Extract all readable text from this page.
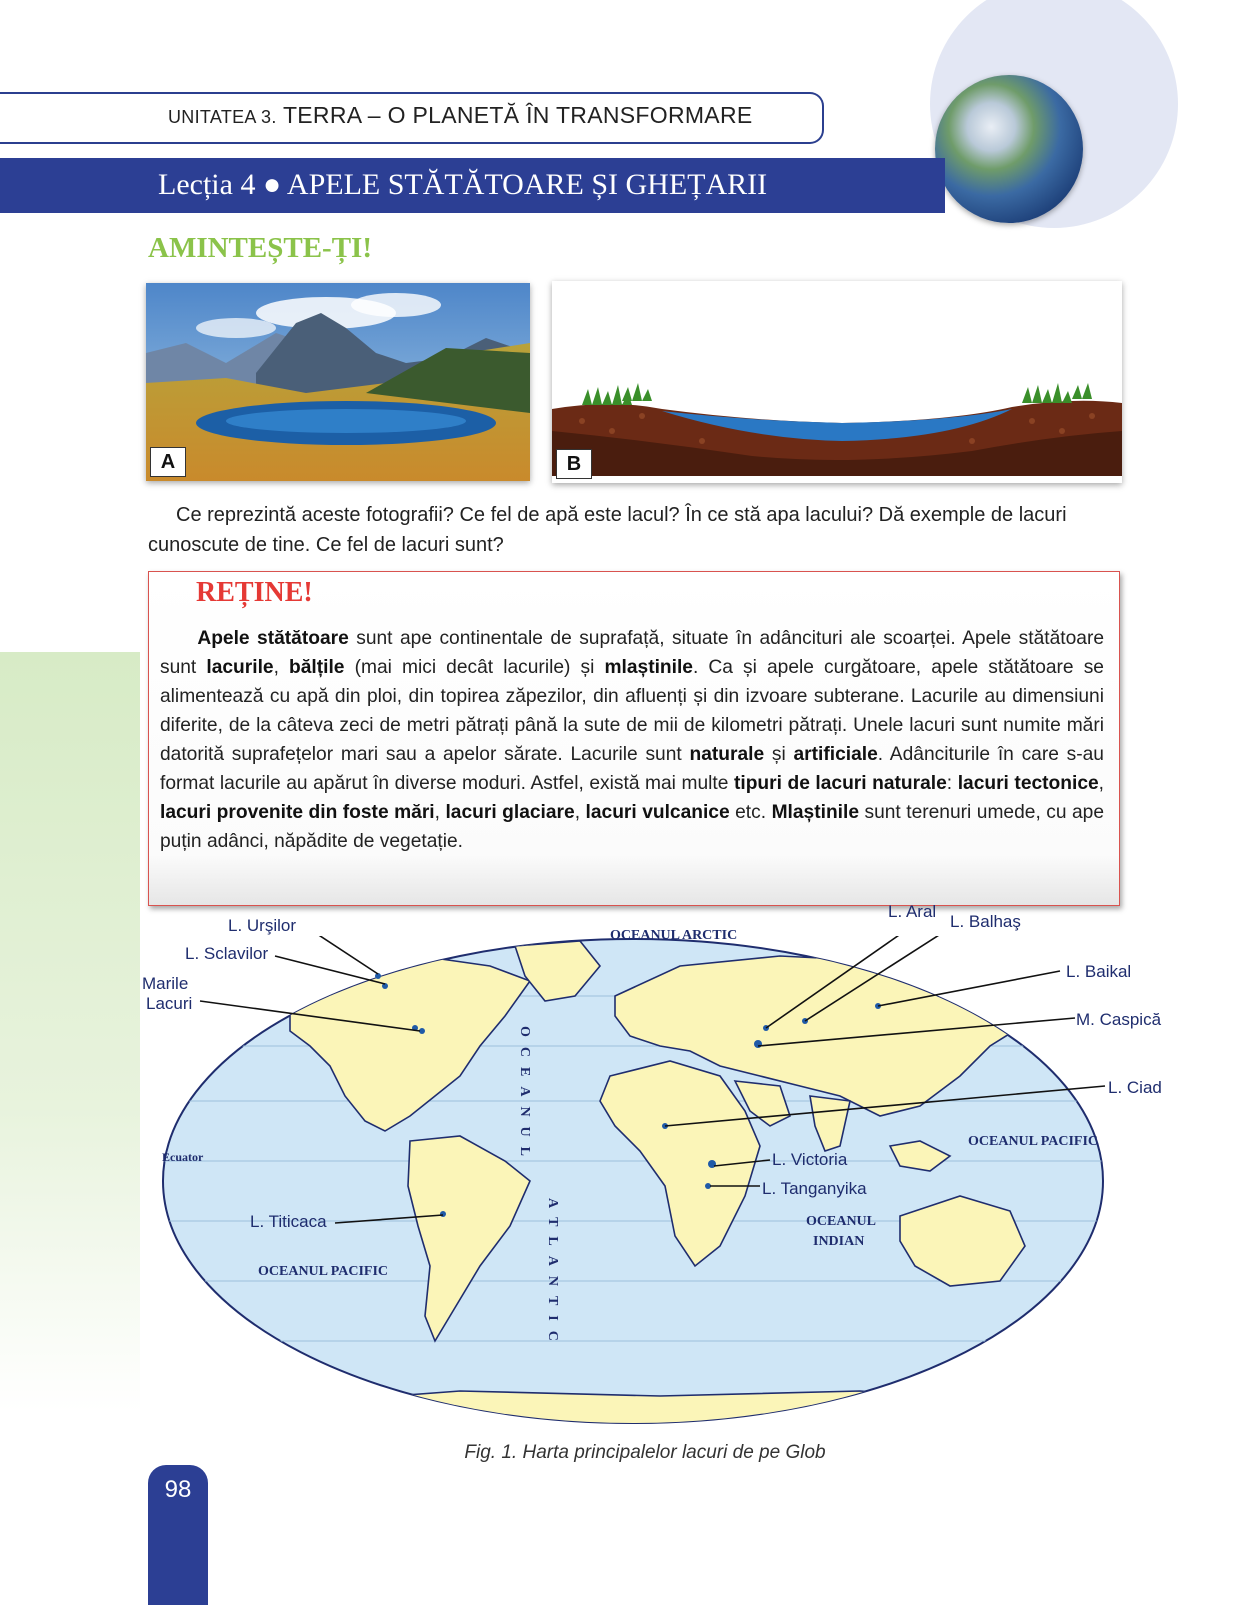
UNITATEA 3. TERRA – O PLANETĂ ÎN TRANSFORMARE
Lecția 4 ● APELE STĂTĂTOARE ȘI GHEȚARII
AMINTEȘTE-ȚI!
A	B
Ce reprezintă aceste fotografii? Ce fel de apă este lacul? În ce stă apa lacului? Dă exemple de lacuri cunoscute de tine. Ce fel de lacuri sunt?
REȚINE!
Apele stătătoare sunt ape continentale de suprafață, situate în adâncituri ale scoarței. Apele stătătoare sunt lacurile, bălțile (mai mici decât lacurile) și mlaștinile. Ca și apele curgătoare, apele stătătoare se alimentează cu apă din ploi, din topirea zăpezilor, din afluenți și din izvoare subterane. Lacurile au dimensiuni diferite, de la câteva zeci de metri pătrați până la sute de mii de kilometri pătrați. Unele lacuri sunt numite mări datorită suprafețelor mari sau a apelor sărate. Lacurile sunt naturale și artificiale. Adânciturile în care s-au format lacurile au apărut în diverse moduri. Astfel, există mai multe tipuri de lacuri naturale: lacuri tectonice, lacuri provenite din foste mări, lacuri glaciare, lacuri vulcanice etc. Mlaștinile sunt terenuri umede, cu ape puțin adânci, năpădite de vegetație.
L. Urşilor
L. Sclavilor
Marile
Lacuri
L. Aral
L. Balhaş
L. Baikal
M. Caspică
L. Ciad
L. Victoria
L. Tanganyika
L. Titicaca
OCEANUL ARCTIC
OCEANUL PACIFIC
OCEANUL PACIFIC
OCEANUL
INDIAN
OCEANUL
ATLANTIC
Ecuator
Fig. 1. Harta principalelor lacuri de pe Glob
98
